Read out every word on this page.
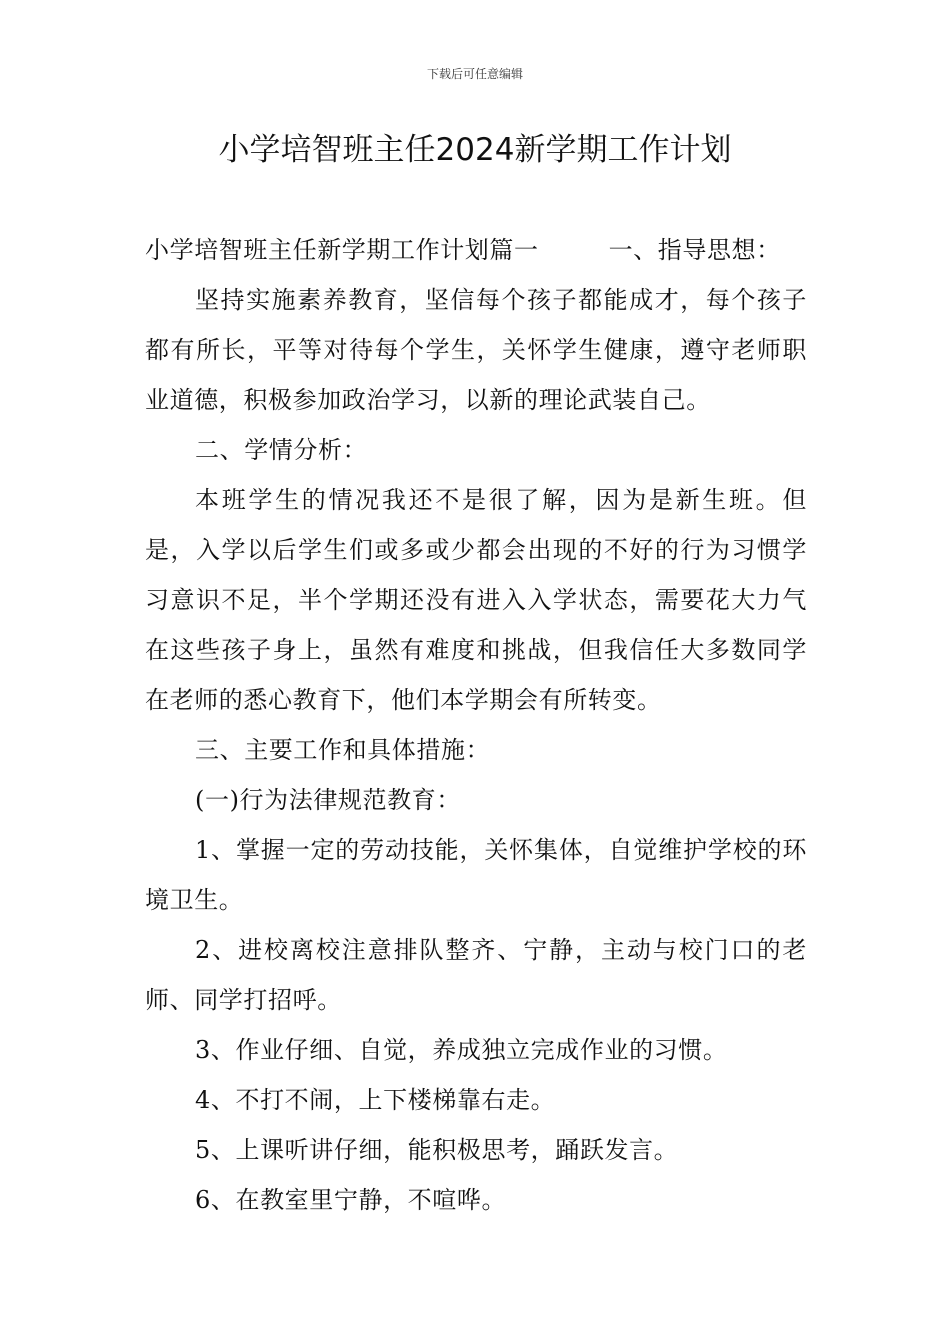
下载后可任意编辑
小学培智班主任2024新学期工作计划

小学培智班主任新学期工作计划篇一	一、指导思想：

坚持实施素养教育，坚信每个孩子都能成才，每个孩子都有所长，平等对待每个学生，关怀学生健康，遵守老师职业道德，积极参加政治学习，以新的理论武装自己。

二、学情分析：

本班学生的情况我还不是很了解，因为是新生班。但是，入学以后学生们或多或少都会出现的不好的行为习惯学习意识不足，半个学期还没有进入入学状态，需要花大力气在这些孩子身上，虽然有难度和挑战，但我信任大多数同学在老师的悉心教育下，他们本学期会有所转变。

三、主要工作和具体措施：

(一)行为法律规范教育：

1、掌握一定的劳动技能，关怀集体，自觉维护学校的环境卫生。

2、进校离校注意排队整齐、宁静，主动与校门口的老师、同学打招呼。

3、作业仔细、自觉，养成独立完成作业的习惯。

4、不打不闹，上下楼梯靠右走。

5、上课听讲仔细，能积极思考，踊跃发言。

6、在教室里宁静，不喧哗。
